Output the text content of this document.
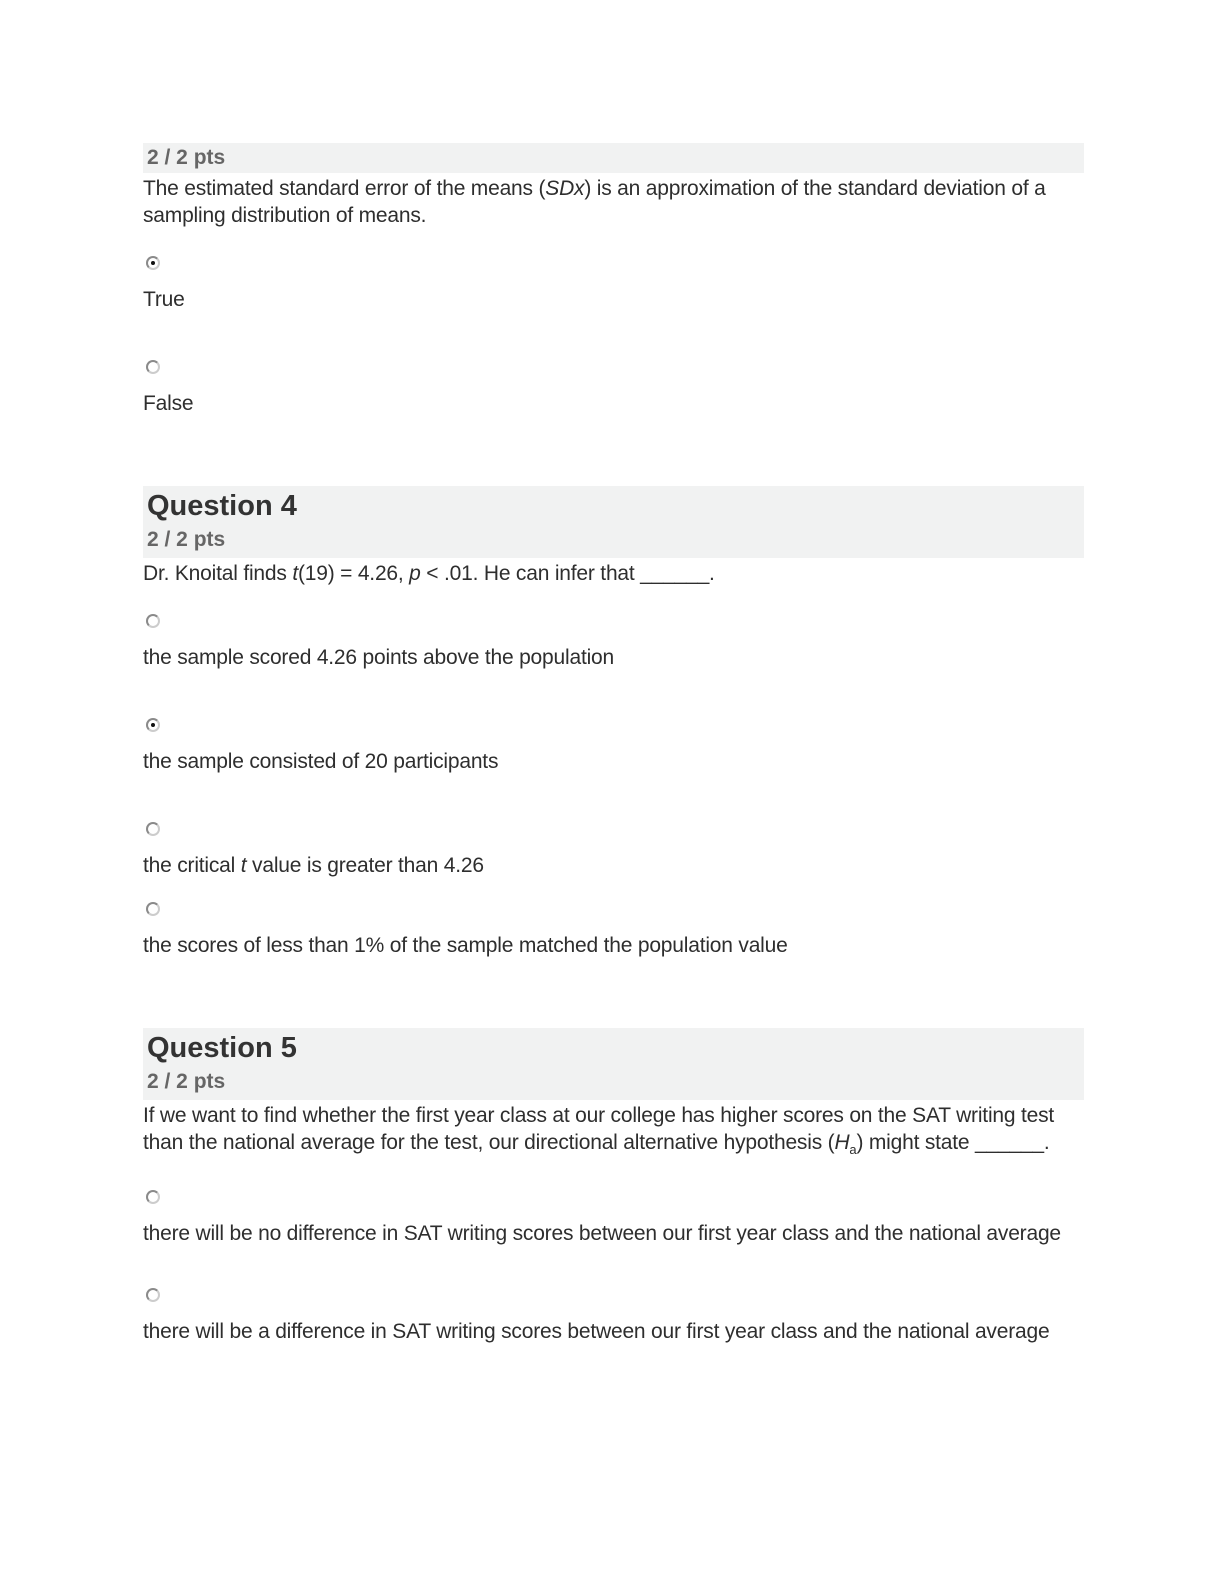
2 / 2 pts
The estimated standard error of the means (SDx) is an approximation of the standard deviation of a sampling distribution of means.
True
False
Question 4
2 / 2 pts
Dr. Knoital finds t(19) = 4.26, p < .01. He can infer that ______.
the sample scored 4.26 points above the population
the sample consisted of 20 participants
the critical t value is greater than 4.26
the scores of less than 1% of the sample matched the population value
Question 5
2 / 2 pts
If we want to find whether the first year class at our college has higher scores on the SAT writing test than the national average for the test, our directional alternative hypothesis $(H_a)$ might state ______.
there will be no difference in SAT writing scores between our first year class and the national average
there will be a difference in SAT writing scores between our first year class and the national average
